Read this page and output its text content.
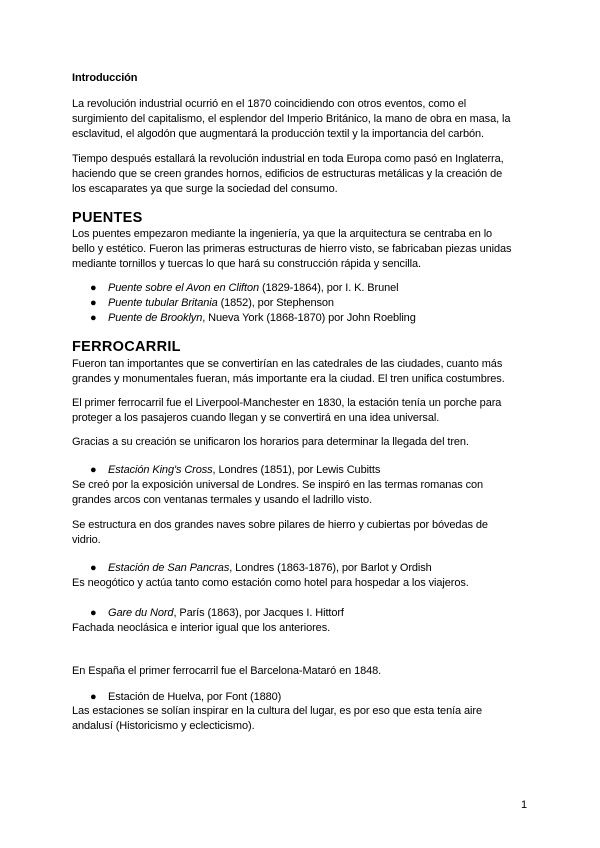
Introducción
La revolución industrial ocurrió en el 1870 coincidiendo con otros eventos, como el
surgimiento del capitalismo, el esplendor del Imperio Británico, la mano de obra en masa, la
esclavitud, el algodón que augmentará la producción textil y la importancia del carbón.
Tiempo después estallará la revolución industrial en toda Europa como pasó en Inglaterra,
haciendo que se creen grandes hornos, edificios de estructuras metálicas y la creación de
los escaparates ya que surge la sociedad del consumo.
PUENTES
Los puentes empezaron mediante la ingeniería, ya que la arquitectura se centraba en lo
bello y estético. Fueron las primeras estructuras de hierro visto, se fabricaban piezas unidas
mediante tornillos y tuercas lo que hará su construcción rápida y sencilla.
● Puente sobre el Avon en Clifton (1829-1864), por I. K. Brunel
● Puente tubular Britania (1852), por Stephenson
● Puente de Brooklyn, Nueva York (1868-1870) por John Roebling
FERROCARRIL
Fueron tan importantes que se convertirían en las catedrales de las ciudades, cuanto más
grandes y monumentales fueran, más importante era la ciudad. El tren unifica costumbres.
El primer ferrocarril fue el Liverpool-Manchester en 1830, la estación tenía un porche para
proteger a los pasajeros cuando llegan y se convertirá en una idea universal.
Gracias a su creación se unificaron los horarios para determinar la llegada del tren.
● Estación King's Cross, Londres (1851), por Lewis Cubitts
Se creó por la exposición universal de Londres. Se inspiró en las termas romanas con
grandes arcos con ventanas termales y usando el ladrillo visto.
Se estructura en dos grandes naves sobre pilares de hierro y cubiertas por bóvedas de
vidrio.
● Estación de San Pancras, Londres (1863-1876), por Barlot y Ordish
Es neogótico y actúa tanto como estación como hotel para hospedar a los viajeros.
● Gare du Nord, París (1863), por Jacques I. Hittorf
Fachada neoclásica e interior igual que los anteriores.
En España el primer ferrocarril fue el Barcelona-Mataró en 1848.
● Estación de Huelva, por Font (1880)
Las estaciones se solían inspirar en la cultura del lugar, es por eso que esta tenía aire
andalusí (Historicismo y eclecticismo).
1
